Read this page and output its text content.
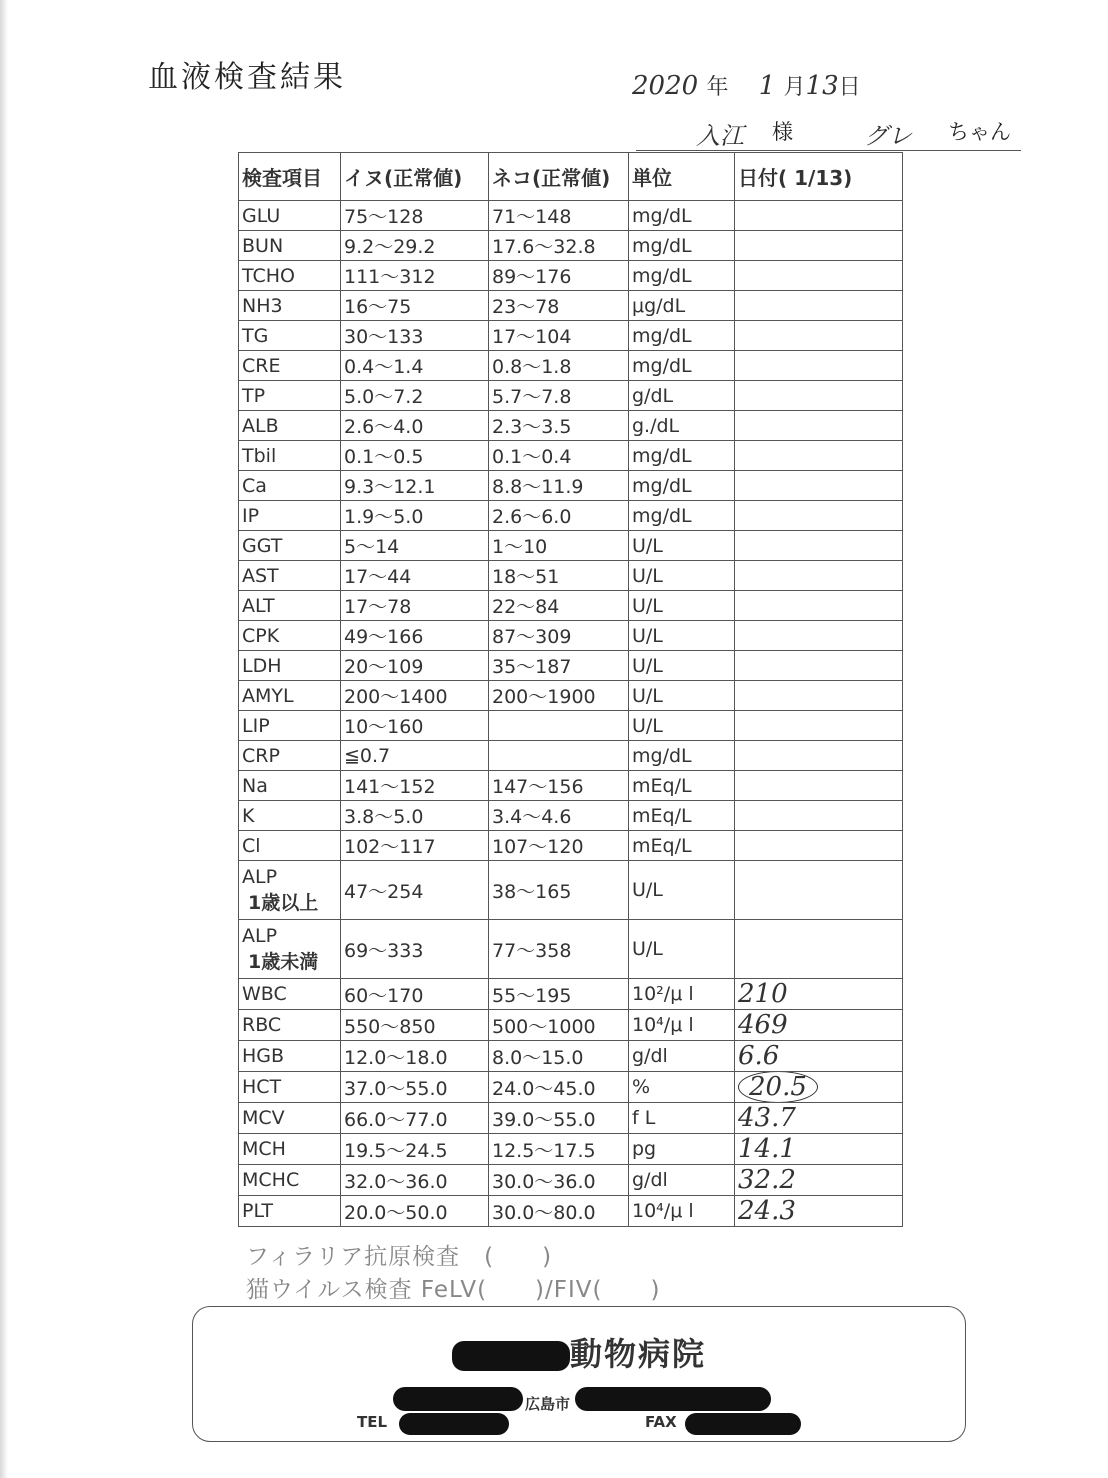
血液検査結果	2020 年 1 月13日
入江 様	グレ ちゃん
検査項目	イヌ(正常値)	ネコ(正常値)	単位	日付( 1/13)
GLU	75～128	71～148	mg/dL	
BUN	9.2～29.2	17.6～32.8	mg/dL	
TCHO	111～312	89～176	mg/dL	
NH3	16～75	23～78	μg/dL	
TG	30～133	17～104	mg/dL	
CRE	0.4～1.4	0.8～1.8	mg/dL	
TP	5.0～7.2	5.7～7.8	g/dL	
ALB	2.6～4.0	2.3～3.5	g./dL	
Tbil	0.1～0.5	0.1～0.4	mg/dL	
Ca	9.3～12.1	8.8～11.9	mg/dL	
IP	1.9～5.0	2.6～6.0	mg/dL	
GGT	5～14	1～10	U/L	
AST	17～44	18～51	U/L	
ALT	17～78	22～84	U/L	
CPK	49～166	87～309	U/L	
LDH	20～109	35～187	U/L	
AMYL	200～1400	200～1900	U/L	
LIP	10～160		U/L	
CRP	≦0.7		mg/dL	
Na	141～152	147～156	mEq/L	
K	3.8～5.0	3.4～4.6	mEq/L	
Cl	102～117	107～120	mEq/L	
ALP
1歳以上	47～254	38～165	U/L	
ALP
1歳未満	69～333	77～358	U/L	
WBC	60～170	55～195	10²/μ l	210
RBC	550～850	500～1000	10⁴/μ l	469
HGB	12.0～18.0	8.0～15.0	g/dl	6.6
HCT	37.0～55.0	24.0～45.0	%	20.5
MCV	66.0～77.0	39.0～55.0	f L	43.7
MCH	19.5～24.5	12.5～17.5	pg	14.1
MCHC	32.0～36.0	30.0～36.0	g/dl	32.2
PLT	20.0～50.0	30.0～80.0	10⁴/μ l	24.3
フィラリア抗原検査　(　　)
猫ウイルス検査 FeLV(　　)/FIV(　　)
動物病院
広島市
TEL	FAX
